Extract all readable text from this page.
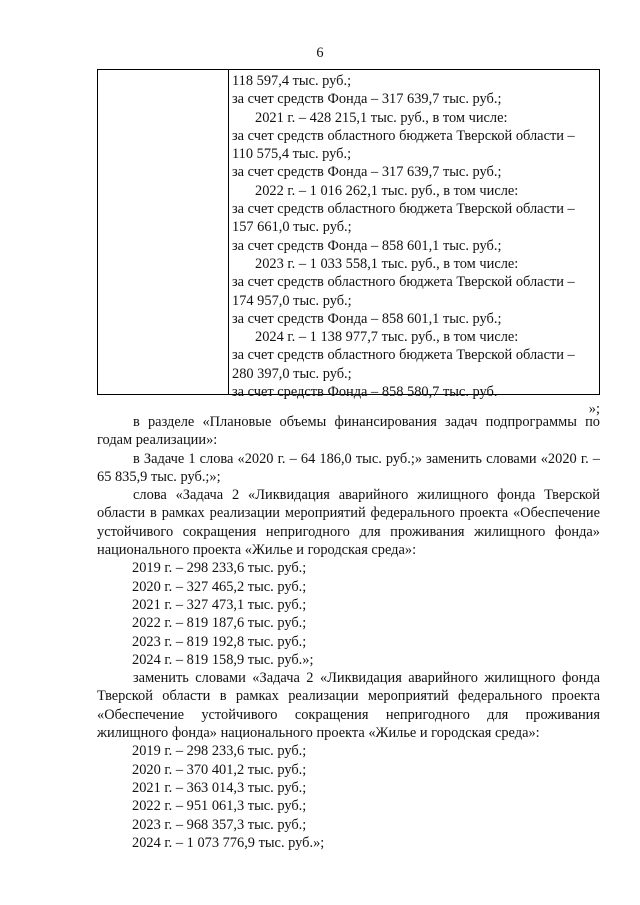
6
118 597,4 тыс. руб.;
за счет средств Фонда – 317 639,7 тыс. руб.;
2021 г. – 428 215,1 тыс. руб., в том числе:
за счет средств областного бюджета Тверской области –
110 575,4 тыс. руб.;
за счет средств Фонда – 317 639,7 тыс. руб.;
2022 г. – 1 016 262,1 тыс. руб., в том числе:
за счет средств областного бюджета Тверской области –
157 661,0 тыс. руб.;
за счет средств Фонда – 858 601,1 тыс. руб.;
2023 г. – 1 033 558,1 тыс. руб., в том числе:
за счет средств областного бюджета Тверской области –
174 957,0 тыс. руб.;
за счет средств Фонда – 858 601,1 тыс. руб.;
2024 г. – 1 138 977,7 тыс. руб., в том числе:
за счет средств областного бюджета Тверской области –
280 397,0 тыс. руб.;
за счет средств Фонда – 858 580,7 тыс. руб.
»;

в разделе «Плановые объемы финансирования задач подпрограммы по годам реализации»:

в Задаче 1 слова «2020 г. – 64 186,0 тыс. руб.;» заменить словами «2020 г. – 65 835,9 тыс. руб.;»;

слова «Задача 2 «Ликвидация аварийного жилищного фонда Тверской области в рамках реализации мероприятий федерального проекта «Обеспечение устойчивого сокращения непригодного для проживания жилищного фонда» национального проекта «Жилье и городская среда»:

2019 г. – 298 233,6 тыс. руб.;
2020 г. – 327 465,2 тыс. руб.;
2021 г. – 327 473,1 тыс. руб.;
2022 г. – 819 187,6 тыс. руб.;
2023 г. – 819 192,8 тыс. руб.;
2024 г. – 819 158,9 тыс. руб.»;

заменить словами «Задача 2 «Ликвидация аварийного жилищного фонда Тверской области в рамках реализации мероприятий федерального проекта «Обеспечение устойчивого сокращения непригодного для проживания жилищного фонда» национального проекта «Жилье и городская среда»:

2019 г. – 298 233,6 тыс. руб.;
2020 г. – 370 401,2 тыс. руб.;
2021 г. – 363 014,3 тыс. руб.;
2022 г. – 951 061,3 тыс. руб.;
2023 г. – 968 357,3 тыс. руб.;
2024 г. – 1 073 776,9 тыс. руб.»;
